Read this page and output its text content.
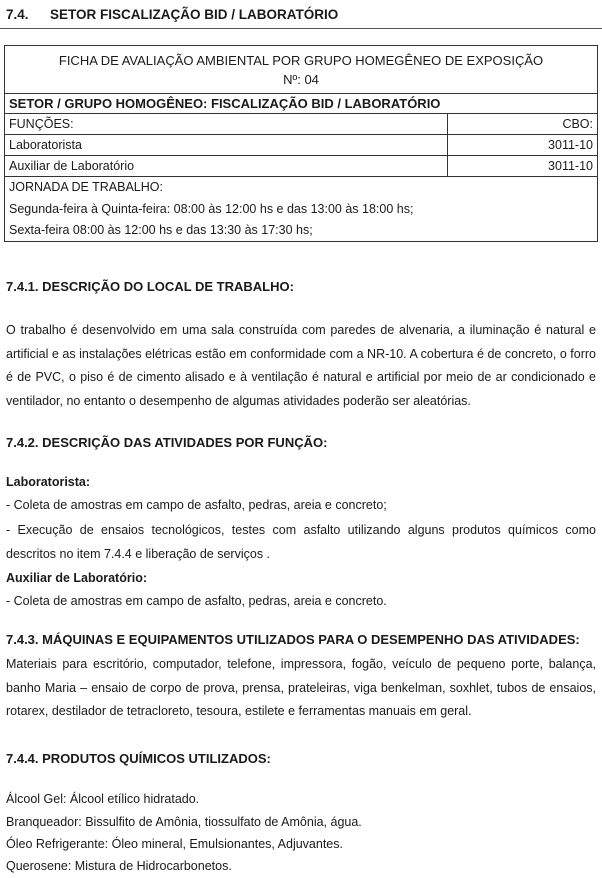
7.4. SETOR FISCALIZAÇÃO BID / LABORATÓRIO
FICHA DE AVALIAÇÃO AMBIENTAL POR GRUPO HOMEGÊNEO DE EXPOSIÇÃO
Nº: 04	

SETOR / GRUPO HOMOGÊNEO: FISCALIZAÇÃO BID / LABORATÓRIO	
FUNÇÕES:	CBO:
Laboratorista	3011-10
Auxiliar de Laboratório	3011-10
JORNADA DE TRABALHO:	
Segunda-feira à Quinta-feira: 08:00 às 12:00 hs e das 13:00 às 18:00 hs;	
Sexta-feira 08:00 às 12:00 hs e das 13:30 às 17:30 hs;	
7.4.1. DESCRIÇÃO DO LOCAL DE TRABALHO:
O trabalho é desenvolvido em uma sala construída com paredes de alvenaria, a iluminação é natural e artificial e as instalações elétricas estão em conformidade com a NR-10. A cobertura é de concreto, o forro é de PVC, o piso é de cimento alisado e à ventilação é natural e artificial por meio de ar condicionado e ventilador, no entanto o desempenho de algumas atividades poderão ser aleatórias.
7.4.2. DESCRIÇÃO DAS ATIVIDADES POR FUNÇÃO:
Laboratorista:
- Coleta de amostras em campo de asfalto, pedras, areia e concreto;
- Execução de ensaios tecnológicos, testes com asfalto utilizando alguns produtos químicos como descritos no item 7.4.4 e liberação de serviços .
Auxiliar de Laboratório:
- Coleta de amostras em campo de asfalto, pedras, areia e concreto.
7.4.3. MÁQUINAS E EQUIPAMENTOS UTILIZADOS PARA O DESEMPENHO DAS ATIVIDADES:
Materiais para escritório, computador, telefone, impressora, fogão, veículo de pequeno porte, balança, banho Maria – ensaio de corpo de prova, prensa, prateleiras, viga benkelman, soxhlet, tubos de ensaios, rotarex, destilador de tetracloreto, tesoura, estilete e ferramentas manuais em geral.
7.4.4. PRODUTOS QUÍMICOS UTILIZADOS:
Álcool Gel: Álcool etílico hidratado.
Branqueador: Bissulfito de Amônia, tiossulfato de Amônia, água.
Óleo Refrigerante: Óleo mineral, Emulsionantes, Adjuvantes.
Querosene: Mistura de Hidrocarbonetos.
